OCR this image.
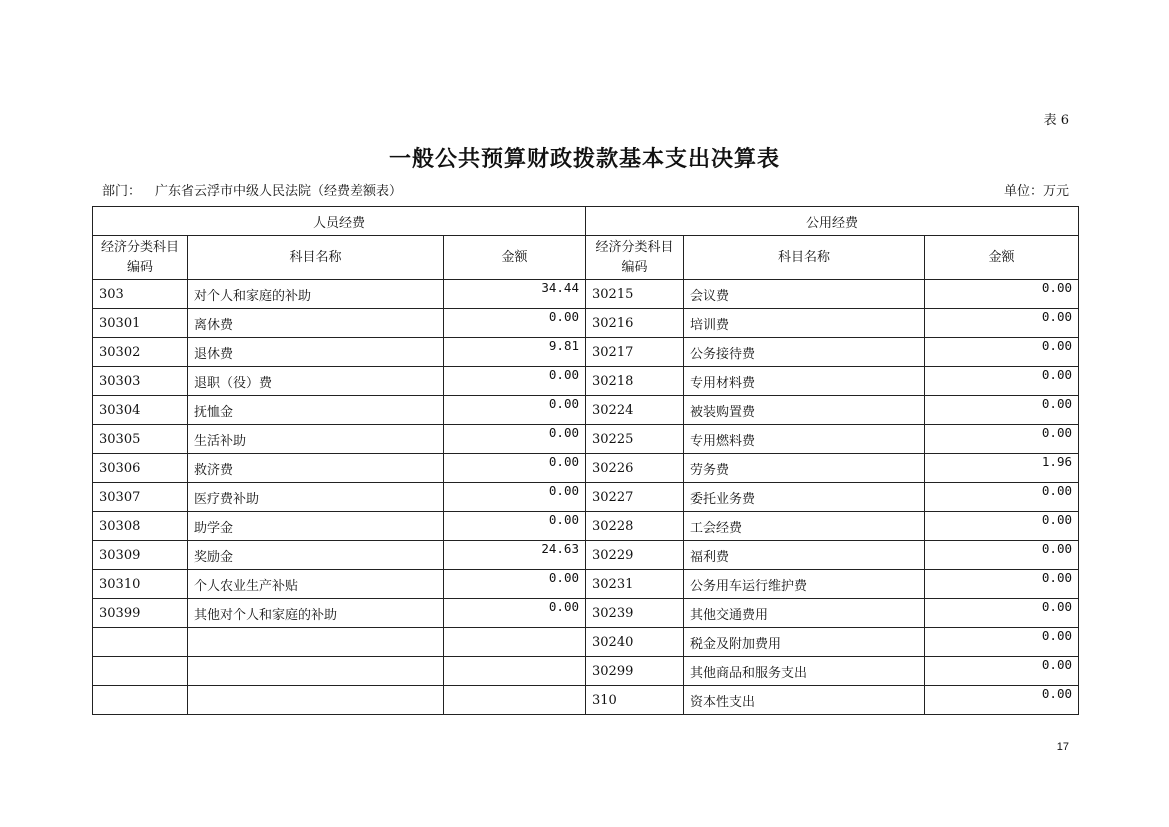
表 6
一般公共预算财政拨款基本支出决算表
部门： 广东省云浮市中级人民法院（经费差额表）	单位：万元
人员经费			公用经费		
经济分类科目编码	科目名称	金额	经济分类科目编码	科目名称	金额
303	对个人和家庭的补助	34.44	30215	会议费	0.00
30301	离休费	0.00	30216	培训费	0.00
30302	退休费	9.81	30217	公务接待费	0.00
30303	退职（役）费	0.00	30218	专用材料费	0.00
30304	抚恤金	0.00	30224	被装购置费	0.00
30305	生活补助	0.00	30225	专用燃料费	0.00
30306	救济费	0.00	30226	劳务费	1.96
30307	医疗费补助	0.00	30227	委托业务费	0.00
30308	助学金	0.00	30228	工会经费	0.00
30309	奖励金	24.63	30229	福利费	0.00
30310	个人农业生产补贴	0.00	30231	公务用车运行维护费	0.00
30399	其他对个人和家庭的补助	0.00	30239	其他交通费用	0.00
			30240	税金及附加费用	0.00
			30299	其他商品和服务支出	0.00
			310	资本性支出	0.00
17
